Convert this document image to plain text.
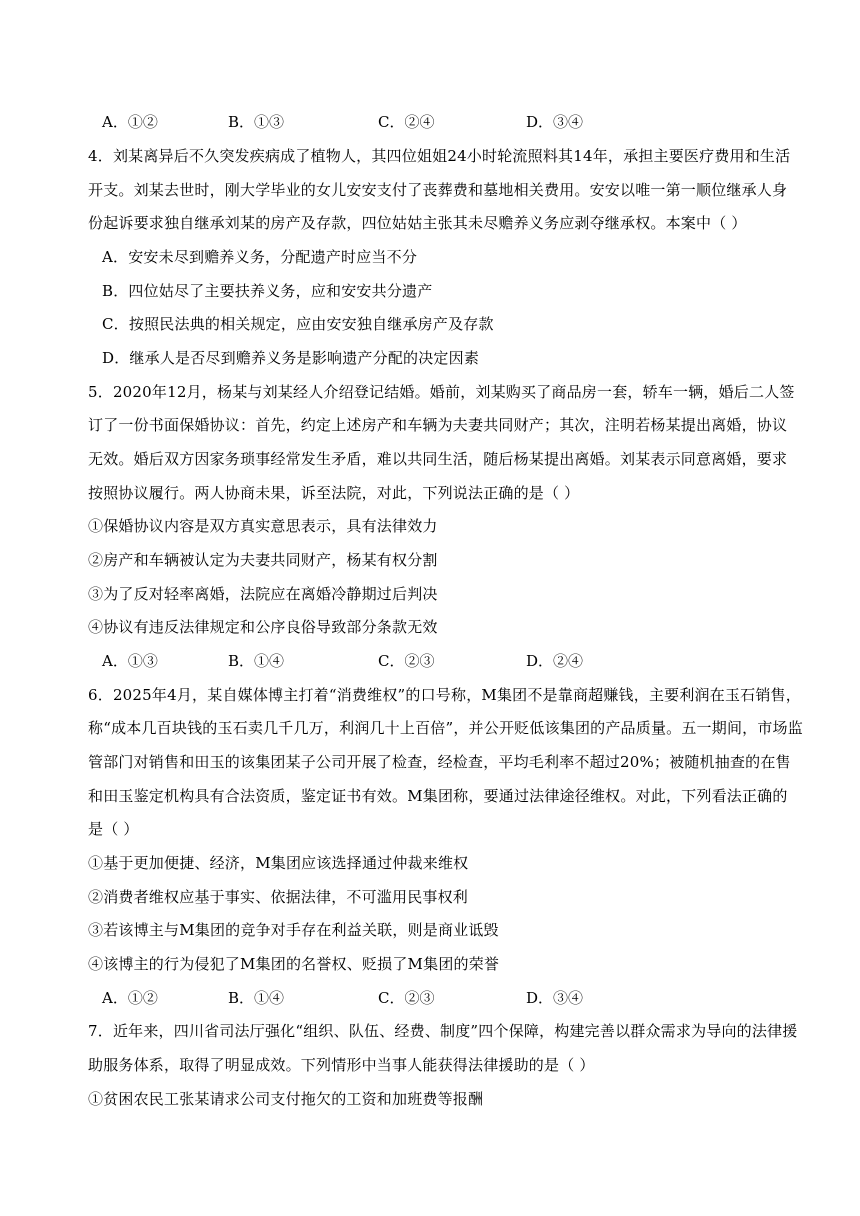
A．①②	B．①③	C．②④	D．③④
4．刘某离异后不久突发疾病成了植物人，其四位姐姐24小时轮流照料其14年，承担主要医疗费用和生活
开支。刘某去世时，刚大学毕业的女儿安安支付了丧葬费和墓地相关费用。安安以唯一第一顺位继承人身
份起诉要求独自继承刘某的房产及存款，四位姑姑主张其未尽赡养义务应剥夺继承权。本案中（ ）
A．安安未尽到赡养义务，分配遗产时应当不分
B．四位姑尽了主要扶养义务，应和安安共分遗产
C．按照民法典的相关规定，应由安安独自继承房产及存款
D．继承人是否尽到赡养义务是影响遗产分配的决定因素
5．2020年12月，杨某与刘某经人介绍登记结婚。婚前，刘某购买了商品房一套，轿车一辆，婚后二人签
订了一份书面保婚协议：首先，约定上述房产和车辆为夫妻共同财产；其次，注明若杨某提出离婚，协议
无效。婚后双方因家务琐事经常发生矛盾，难以共同生活，随后杨某提出离婚。刘某表示同意离婚，要求
按照协议履行。两人协商未果，诉至法院，对此，下列说法正确的是（ ）
①保婚协议内容是双方真实意思表示，具有法律效力
②房产和车辆被认定为夫妻共同财产，杨某有权分割
③为了反对轻率离婚，法院应在离婚冷静期过后判决
④协议有违反法律规定和公序良俗导致部分条款无效
A．①③	B．①④	C．②③	D．②④
6．2025年4月，某自媒体博主打着“消费维权”的口号称，M集团不是靠商超赚钱，主要利润在玉石销售，
称“成本几百块钱的玉石卖几千几万，利润几十上百倍”，并公开贬低该集团的产品质量。五一期间，市场监
管部门对销售和田玉的该集团某子公司开展了检查，经检查，平均毛利率不超过20%；被随机抽查的在售
和田玉鉴定机构具有合法资质，鉴定证书有效。M集团称，要通过法律途径维权。对此，下列看法正确的
是（ ）
①基于更加便捷、经济，M集团应该选择通过仲裁来维权
②消费者维权应基于事实、依据法律，不可滥用民事权利
③若该博主与M集团的竞争对手存在利益关联，则是商业诋毁
④该博主的行为侵犯了M集团的名誉权、贬损了M集团的荣誉
A．①②	B．①④	C．②③	D．③④
7．近年来，四川省司法厅强化“组织、队伍、经费、制度”四个保障，构建完善以群众需求为导向的法律援
助服务体系，取得了明显成效。下列情形中当事人能获得法律援助的是（ ）
①贫困农民工张某请求公司支付拖欠的工资和加班费等报酬
